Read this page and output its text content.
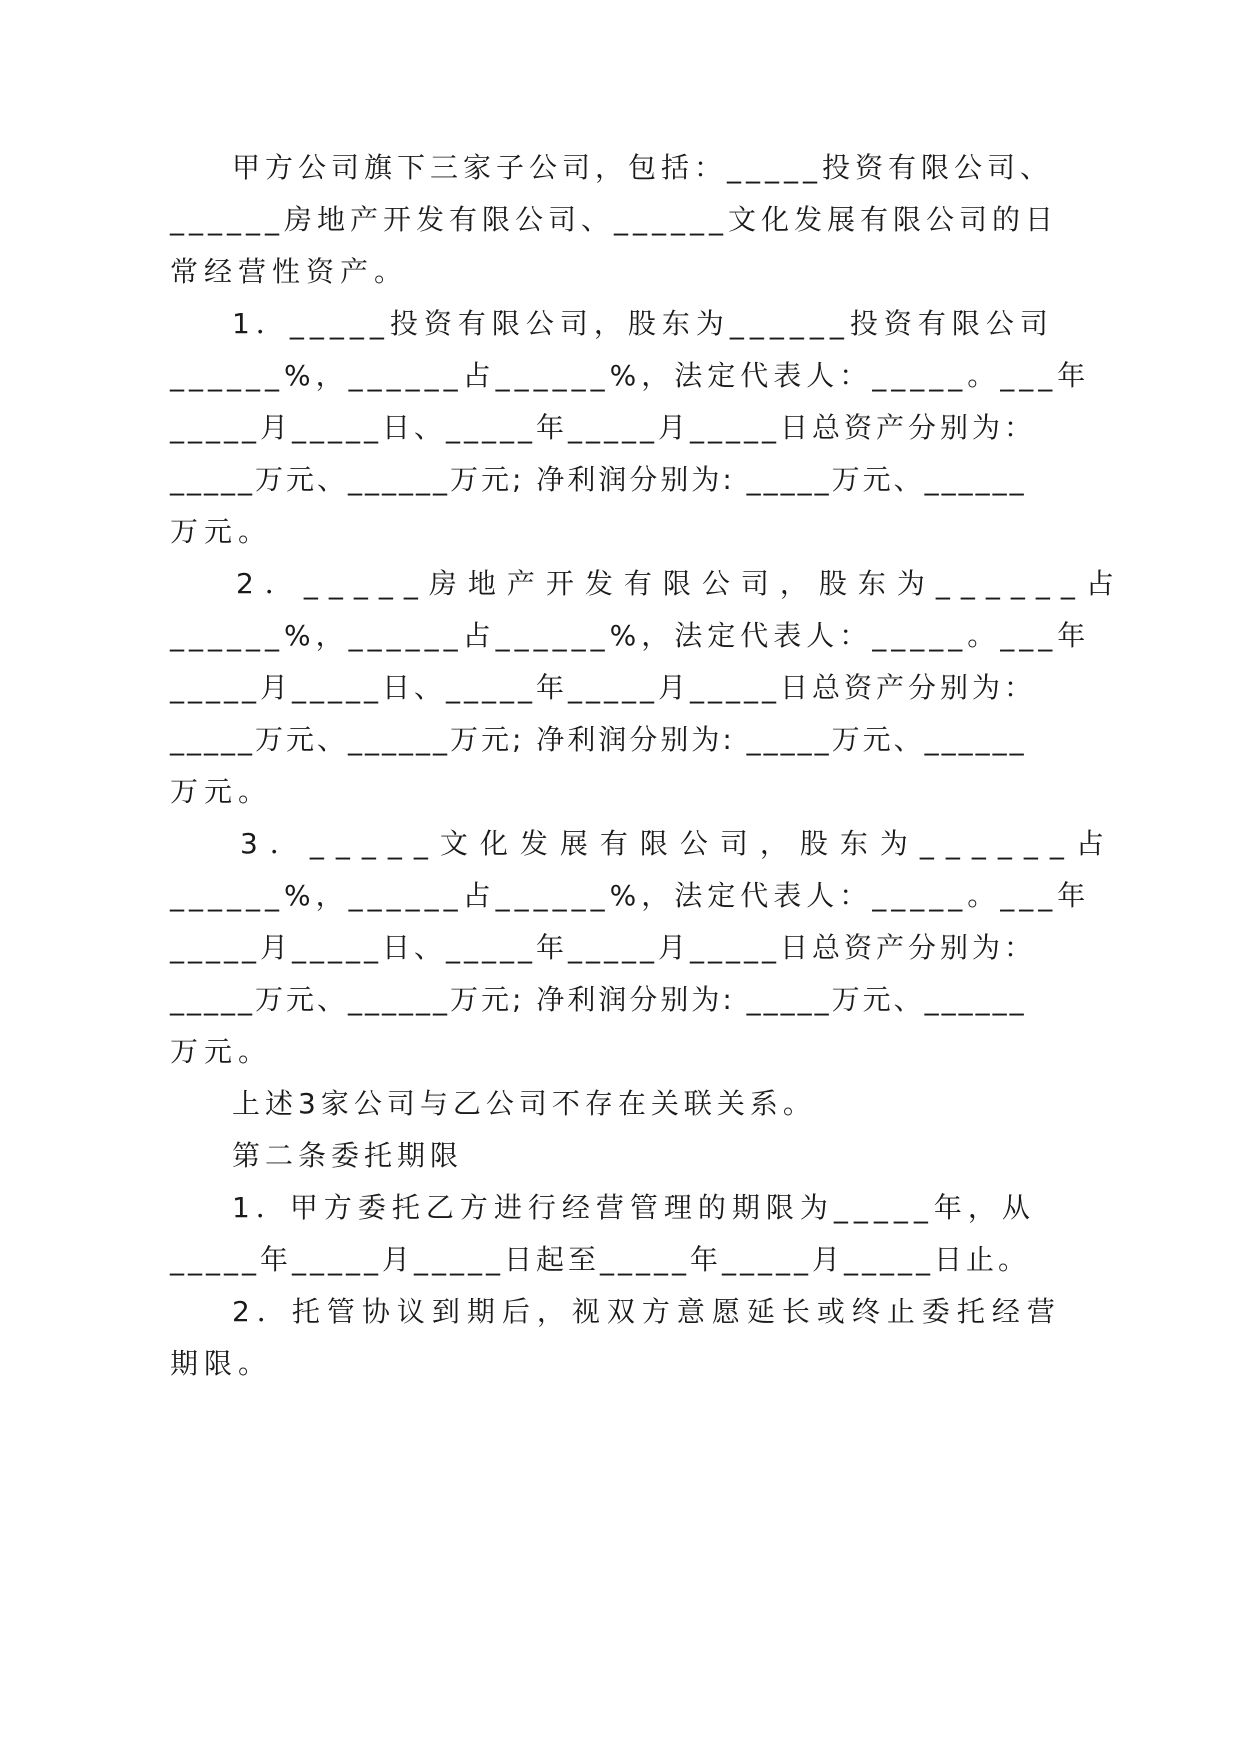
甲方公司旗下三家子公司，包括：_____投资有限公司、
______房地产开发有限公司、______文化发展有限公司的日
常经营性资产。
1．_____投资有限公司，股东为______投资有限公司
______%，______占______%，法定代表人：_____。___年
_____月_____日、_____年_____月_____日总资产分别为：
_____万元、______万元; 净利润分别为: _____万元、______
万元。
2．_____房地产开发有限公司，股东为______占
______%，______占______%，法定代表人：_____。___年
_____月_____日、_____年_____月_____日总资产分别为：
_____万元、______万元; 净利润分别为: _____万元、______
万元。
3．_____文化发展有限公司，股东为______占
______%，______占______%，法定代表人：_____。___年
_____月_____日、_____年_____月_____日总资产分别为：
_____万元、______万元; 净利润分别为: _____万元、______
万元。
上述3家公司与乙公司不存在关联关系。
第二条委托期限
1．甲方委托乙方进行经营管理的期限为_____年，从
_____年_____月_____日起至_____年_____月_____日止。
2．托管协议到期后，视双方意愿延长或终止委托经营
期限。
